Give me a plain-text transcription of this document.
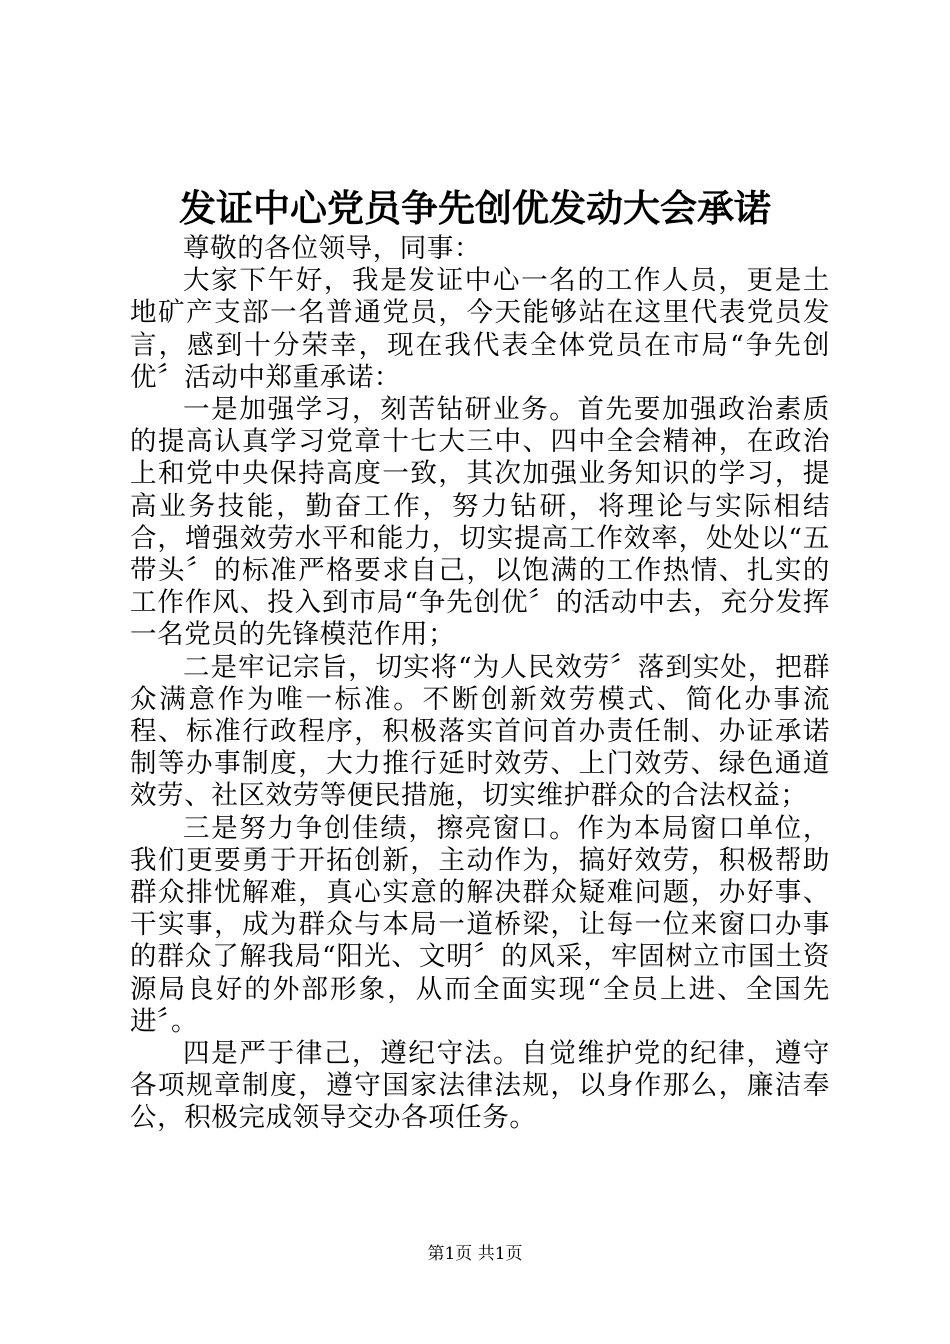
发证中心党员争先创优发动大会承诺

尊敬的各位领导，同事：

大家下午好，我是发证中心一名的工作人员，更是土地矿产支部一名普通党员，今天能够站在这里代表党员发言，感到十分荣幸，现在我代表全体党员在市局“争先创优〞活动中郑重承诺：

一是加强学习，刻苦钻研业务。首先要加强政治素质的提高认真学习党章十七大三中、四中全会精神，在政治上和党中央保持高度一致，其次加强业务知识的学习，提高业务技能，勤奋工作，努力钻研，将理论与实际相结合，增强效劳水平和能力，切实提高工作效率，处处以“五带头〞的标准严格要求自己，以饱满的工作热情、扎实的工作作风、投入到市局“争先创优〞的活动中去，充分发挥一名党员的先锋模范作用；

二是牢记宗旨，切实将“为人民效劳〞落到实处，把群众满意作为唯一标准。不断创新效劳模式、简化办事流程、标准行政程序，积极落实首问首办责任制、办证承诺制等办事制度，大力推行延时效劳、上门效劳、绿色通道效劳、社区效劳等便民措施，切实维护群众的合法权益；

三是努力争创佳绩，擦亮窗口。作为本局窗口单位，我们更要勇于开拓创新，主动作为，搞好效劳，积极帮助群众排忧解难，真心实意的解决群众疑难问题，办好事、干实事，成为群众与本局一道桥梁，让每一位来窗口办事的群众了解我局“阳光、文明〞的风采，牢固树立市国土资源局良好的外部形象，从而全面实现“全员上进、全国先进〞。

四是严于律己，遵纪守法。自觉维护党的纪律，遵守各项规章制度，遵守国家法律法规，以身作那么，廉洁奉公，积极完成领导交办各项任务。

第1页 共1页
